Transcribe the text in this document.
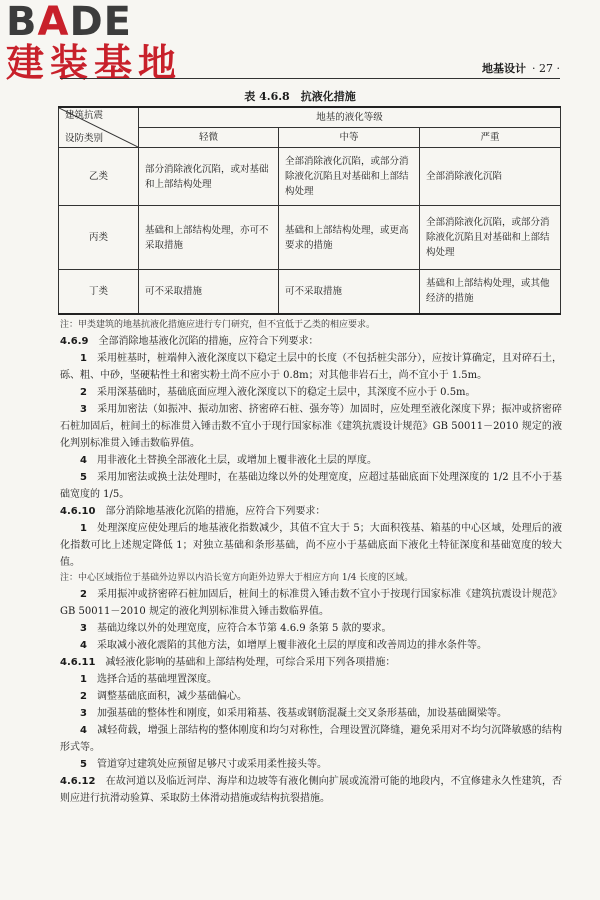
BADE
建装基地	地基设计 · 27 ·
表 4.6.8　抗液化措施
建筑抗震
设防类别	地基的液化等级		
	轻微	中等	严重
乙类	部分消除液化沉陷，或对基础和上部结构处理	全部消除液化沉陷，或部分消除液化沉陷且对基础和上部结构处理	全部消除液化沉陷
丙类	基础和上部结构处理，亦可不采取措施	基础和上部结构处理，或更高要求的措施	全部消除液化沉陷，或部分消除液化沉陷且对基础和上部结构处理
丁类	可不采取措施	可不采取措施	基础和上部结构处理，或其他经济的措施

注：甲类建筑的地基抗液化措施应进行专门研究，但不宜低于乙类的相应要求。

4.6.9　 全部消除地基液化沉陷的措施，应符合下列要求：

1　 采用桩基时，桩端伸入液化深度以下稳定土层中的长度（不包括桩尖部分），应按计算确定，且对碎石土，砾、粗、中砂，坚硬粘性土和密实粉土尚不应小于 0.8m；对其他非岩石土，尚不宜小于 1.5m。

2　 采用深基础时，基础底面应埋入液化深度以下的稳定土层中，其深度不应小于 0.5m。

3　 采用加密法（如振冲、振动加密、挤密碎石桩、强夯等）加固时，应处理至液化深度下界；振冲或挤密碎石桩加固后，桩间土的标准贯入锤击数不宜小于现行国家标准《建筑抗震设计规范》GB 50011－2010 规定的液化判别标准贯入锤击数临界值。

4　 用非液化土替换全部液化土层，或增加上覆非液化土层的厚度。

5　 采用加密法或换土法处理时，在基础边缘以外的处理宽度，应超过基础底面下处理深度的 1/2 且不小于基础宽度的 1/5。

4.6.10　 部分消除地基液化沉陷的措施，应符合下列要求：

1　 处理深度应使处理后的地基液化指数减少，其值不宜大于 5；大面积筏基、箱基的中心区域，处理后的液化指数可比上述规定降低 1；对独立基础和条形基础，尚不应小于基础底面下液化土特征深度和基础宽度的较大值。

注：中心区域指位于基础外边界以内沿长宽方向距外边界大于相应方向 1/4 长度的区域。

2　 采用振冲或挤密碎石桩加固后，桩间土的标准贯入锤击数不宜小于按现行国家标准《建筑抗震设计规范》GB 50011－2010 规定的液化判别标准贯入锤击数临界值。

3　 基础边缘以外的处理宽度，应符合本节第 4.6.9 条第 5 款的要求。

4　 采取减小液化震陷的其他方法，如增厚上覆非液化土层的厚度和改善周边的排水条件等。

4.6.11　 减轻液化影响的基础和上部结构处理，可综合采用下列各项措施：

1　 选择合适的基础埋置深度。

2　 调整基础底面积，减少基础偏心。

3　 加强基础的整体性和刚度，如采用箱基、筏基或钢筋混凝土交叉条形基础，加设基础圈梁等。

4　 减轻荷载，增强上部结构的整体刚度和均匀对称性，合理设置沉降缝，避免采用对不均匀沉降敏感的结构形式等。

5　 管道穿过建筑处应预留足够尺寸或采用柔性接头等。

4.6.12　 在故河道以及临近河岸、海岸和边坡等有液化侧向扩展或流滑可能的地段内，不宜修建永久性建筑，否则应进行抗滑动验算、采取防土体滑动措施或结构抗裂措施。
